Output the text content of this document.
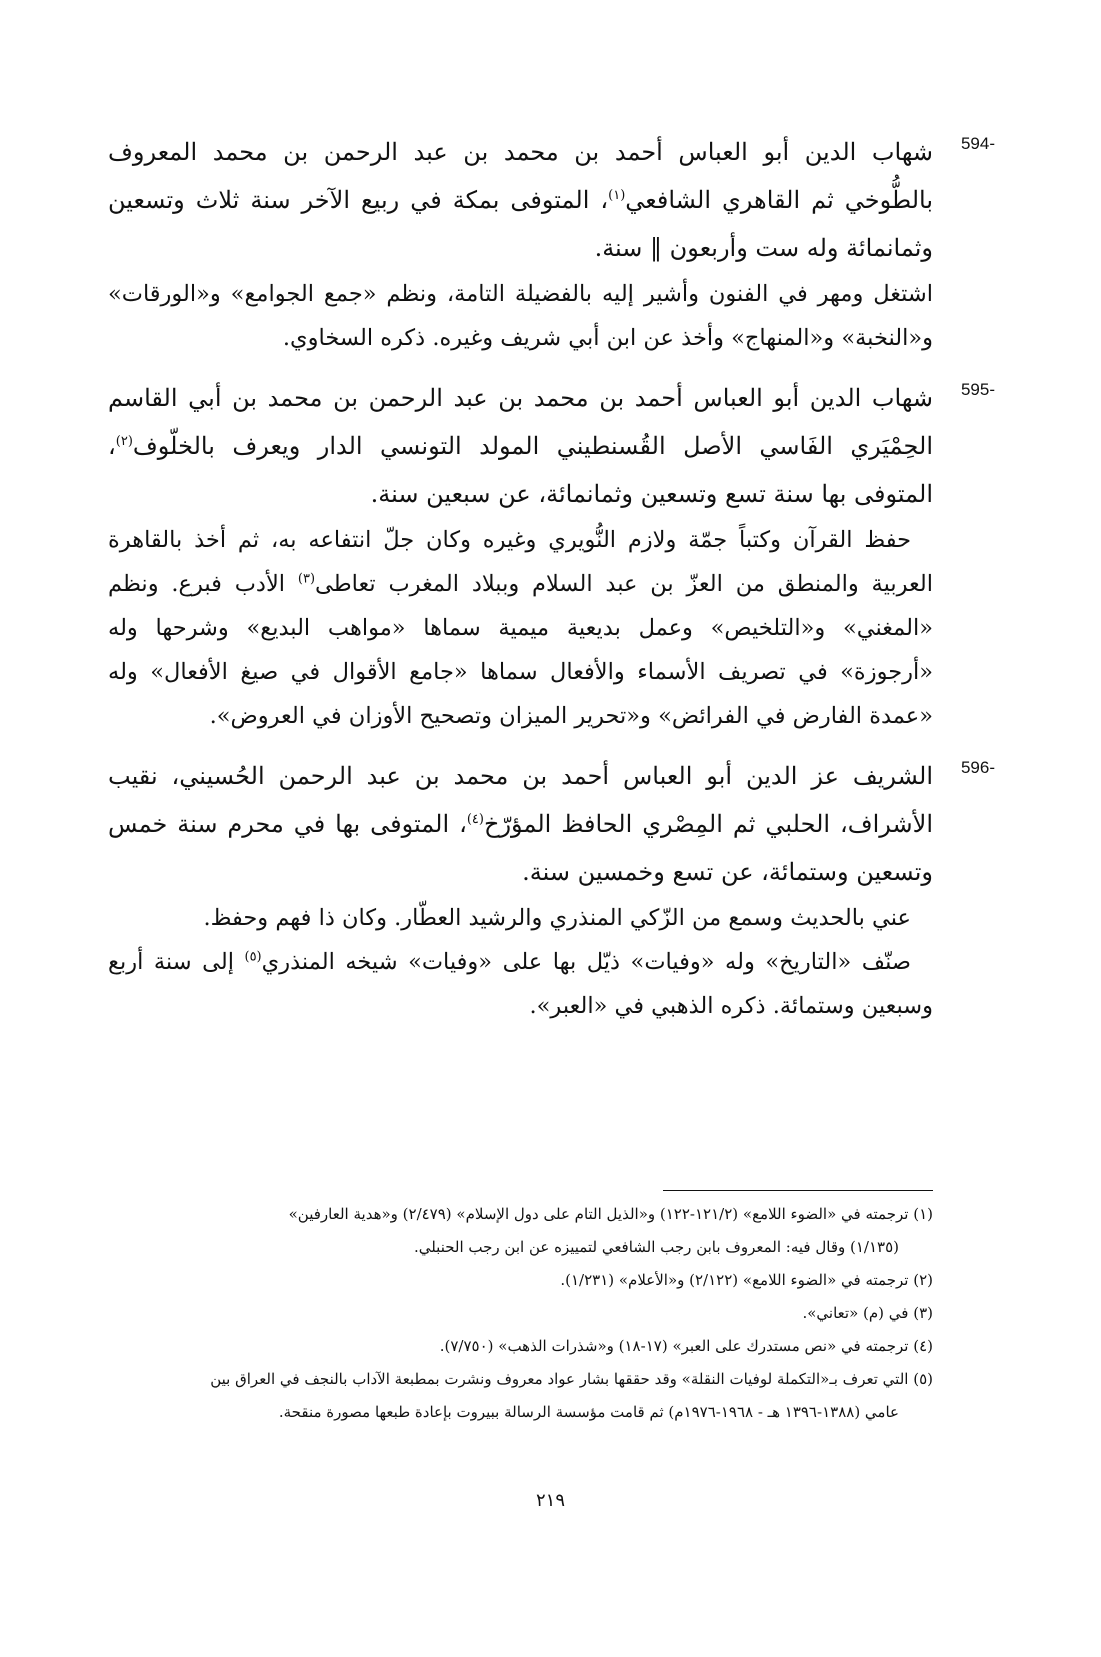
594-

شهاب الدين أبو العباس أحمد بن محمد بن عبد الرحمن بن محمد المعروف بالطُّوخي ثم القاهري الشافعي$^{(١)}$، المتوفى بمكة في ربيع الآخر سنة ثلاث وتسعين وثمانمائة وله ست وأربعون ‖ سنة.

اشتغل ومهر في الفنون وأشير إليه بالفضيلة التامة، ونظم «جمع الجوامع» و«الورقات» و«النخبة» و«المنهاج» وأخذ عن ابن أبي شريف وغيره. ذكره السخاوي.

595-

شهاب الدين أبو العباس أحمد بن محمد بن عبد الرحمن بن محمد بن أبي القاسم الحِمْيَري الفَاسي الأصل القُسنطيني المولد التونسي الدار ويعرف بالخلّوف$^{(٢)}$، المتوفى بها سنة تسع وتسعين وثمانمائة، عن سبعين سنة.

حفظ القرآن وكتباً جمّة ولازم النُّويري وغيره وكان جلّ انتفاعه به، ثم أخذ بالقاهرة العربية والمنطق من العزّ بن عبد السلام وببلاد المغرب تعاطى$^{(٣)}$ الأدب فبرع. ونظم «المغني» و«التلخيص» وعمل بديعية ميمية سماها «مواهب البديع» وشرحها وله «أرجوزة» في تصريف الأسماء والأفعال سماها «جامع الأقوال في صيغ الأفعال» وله «عمدة الفارض في الفرائض» و«تحرير الميزان وتصحيح الأوزان في العروض».

596-

الشريف عز الدين أبو العباس أحمد بن محمد بن عبد الرحمن الحُسيني، نقيب الأشراف، الحلبي ثم المِصْري الحافظ المؤرّخ$^{(٤)}$، المتوفى بها في محرم سنة خمس وتسعين وستمائة، عن تسع وخمسين سنة.

عني بالحديث وسمع من الزّكي المنذري والرشيد العطّار. وكان ذا فهم وحفظ.

صنّف «التاريخ» وله «وفيات» ذيّل بها على «وفيات» شيخه المنذري$^{(٥)}$ إلى سنة أربع وسبعين وستمائة. ذكره الذهبي في «العبر».

(١) ترجمته في «الضوء اللامع» (١٢١/٢-١٢٢) و«الذيل التام على دول الإسلام» (٢/٤٧٩) و«هدية العارفين»

(١/١٣٥) وقال فيه: المعروف بابن رجب الشافعي لتمييزه عن ابن رجب الحنبلي.

(٢) ترجمته في «الضوء اللامع» (٢/١٢٢) و«الأعلام» (١/٢٣١).

(٣) في (م) «تعاني».

(٤) ترجمته في «نص مستدرك على العبر» (١٧-١٨) و«شذرات الذهب» (٧/٧٥٠).

(٥) التي تعرف بـ«التكملة لوفيات النقلة» وقد حققها بشار عواد معروف ونشرت بمطبعة الآداب بالنجف في العراق بين

عامي (١٣٨٨-١٣٩٦ هـ - ١٩٦٨-١٩٧٦م) ثم قامت مؤسسة الرسالة ببيروت بإعادة طبعها مصورة منقحة.

٢١٩
